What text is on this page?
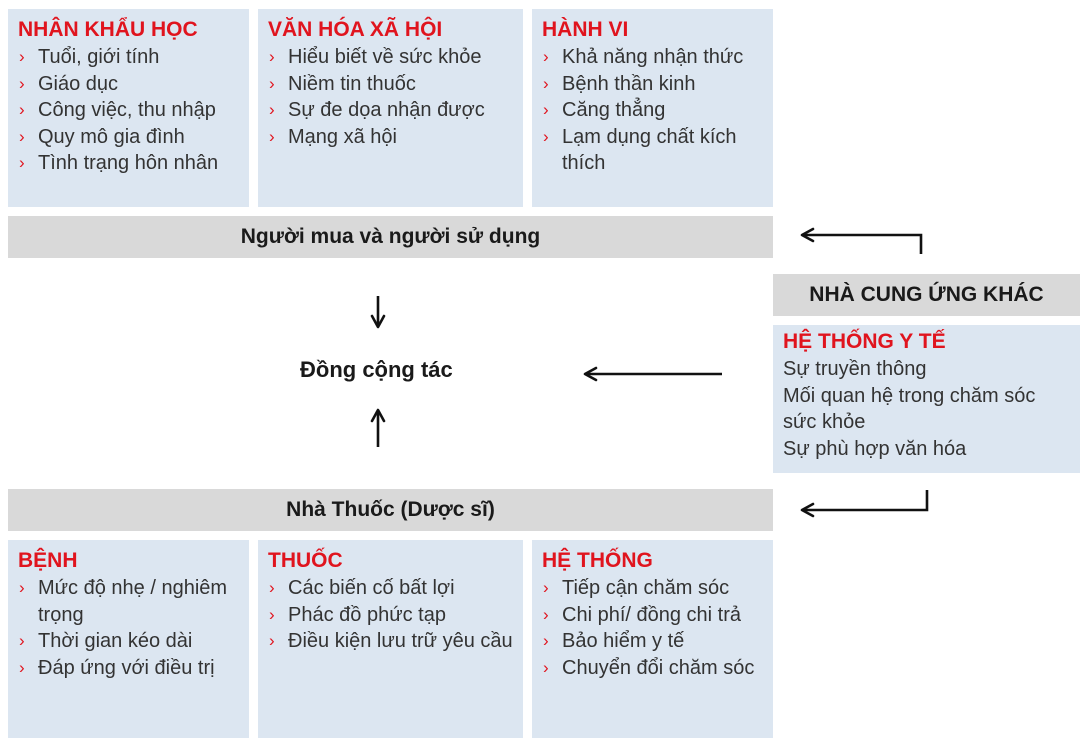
NHÂN KHẨU HỌC
› Tuổi, giới tính
› Giáo dục
› Công việc, thu nhập
› Quy mô gia đình
› Tình trạng hôn nhân
VĂN HÓA XÃ HỘI
› Hiểu biết về sức khỏe
› Niềm tin thuốc
› Sự đe dọa nhận được
› Mạng xã hội
HÀNH VI
› Khả năng nhận thức
› Bệnh thần kinh
› Căng thẳng
› Lạm dụng chất kích thích
Người mua và người sử dụng
Nhà Thuốc (Dược sĩ)
Đồng cộng tác
NHÀ CUNG ỨNG KHÁC
HỆ THỐNG Y TẾ
Sự truyền thông
Mối quan hệ trong chăm sóc sức khỏe
Sự phù hợp văn hóa
BỆNH
› Mức độ nhẹ / nghiêm trọng
› Thời gian kéo dài
› Đáp ứng với điều trị
THUỐC
› Các biến cố bất lợi
› Phác đồ phức tạp
› Điều kiện lưu trữ yêu cầu
HỆ THỐNG
› Tiếp cận chăm sóc
› Chi phí/ đồng chi trả
› Bảo hiểm y tế
› Chuyển đổi chăm sóc
